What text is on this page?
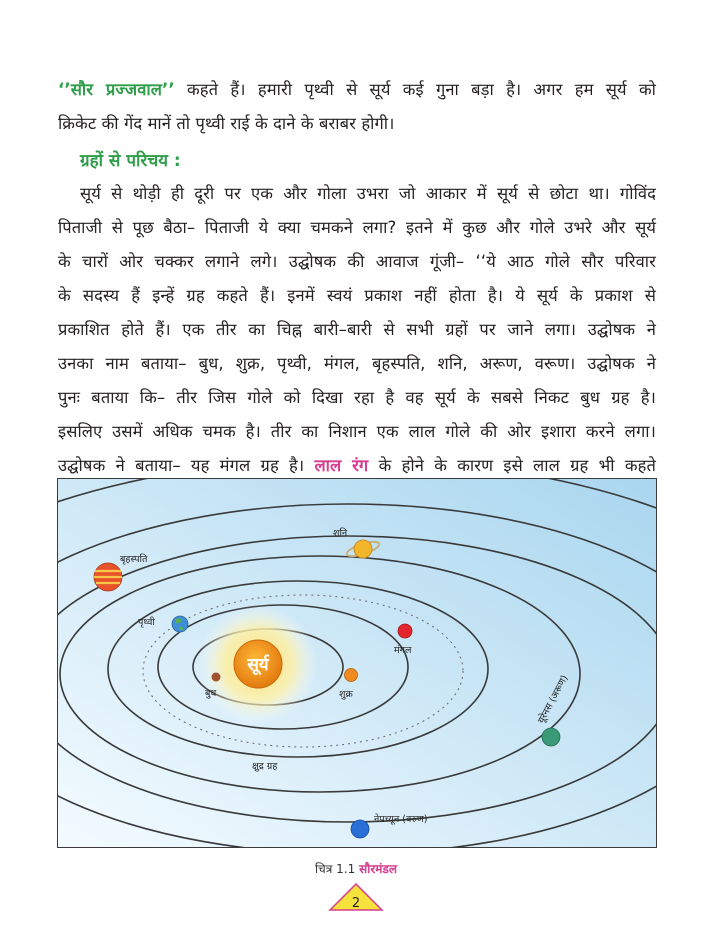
‘’सौर प्रज्जवाल’’ कहते हैं। हमारी पृथ्वी से सूर्य कई गुना बड़ा है। अगर हम सूर्य को
क्रिकेट की गेंद मानें तो पृथ्वी राई के दाने के बराबर होगी।
ग्रहों से परिचय :
सूर्य से थोड़ी ही दूरी पर एक और गोला उभरा जो आकार में सूर्य से छोटा था। गोविंद
पिताजी से पूछ बैठा– पिताजी ये क्या चमकने लगा? इतने में कुछ और गोले उभरे और सूर्य
के चारों ओर चक्कर लगाने लगे। उद्घोषक की आवाज गूंजी– ‘‘ये आठ गोले सौर परिवार
के सदस्य हैं इन्हें ग्रह कहते हैं। इनमें स्वयं प्रकाश नहीं होता है। ये सूर्य के प्रकाश से
प्रकाशित होते हैं। एक तीर का चिह्न बारी–बारी से सभी ग्रहों पर जाने लगा। उद्घोषक ने
उनका नाम बताया– बुध, शुक्र, पृथ्वी, मंगल, बृहस्पति, शनि, अरूण, वरूण। उद्घोषक ने
पुनः बताया कि– तीर जिस गोले को दिखा रहा है वह सूर्य के सबसे निकट बुध ग्रह है।
इसलिए उसमें अधिक चमक है। तीर का निशान एक लाल गोले की ओर इशारा करने लगा।
उद्घोषक ने बताया– यह मंगल ग्रह है। लाल रंग के होने के कारण इसे लाल ग्रह भी कहते
सूर्य
बुध	शुक्र
पृथ्वी
मंगल
बृहस्पति
शनि
यूरेनस (अरूण)
नेपच्यून (वरुण)
क्षुद्र ग्रह
चित्र 1.1 सौरमंडल
2
